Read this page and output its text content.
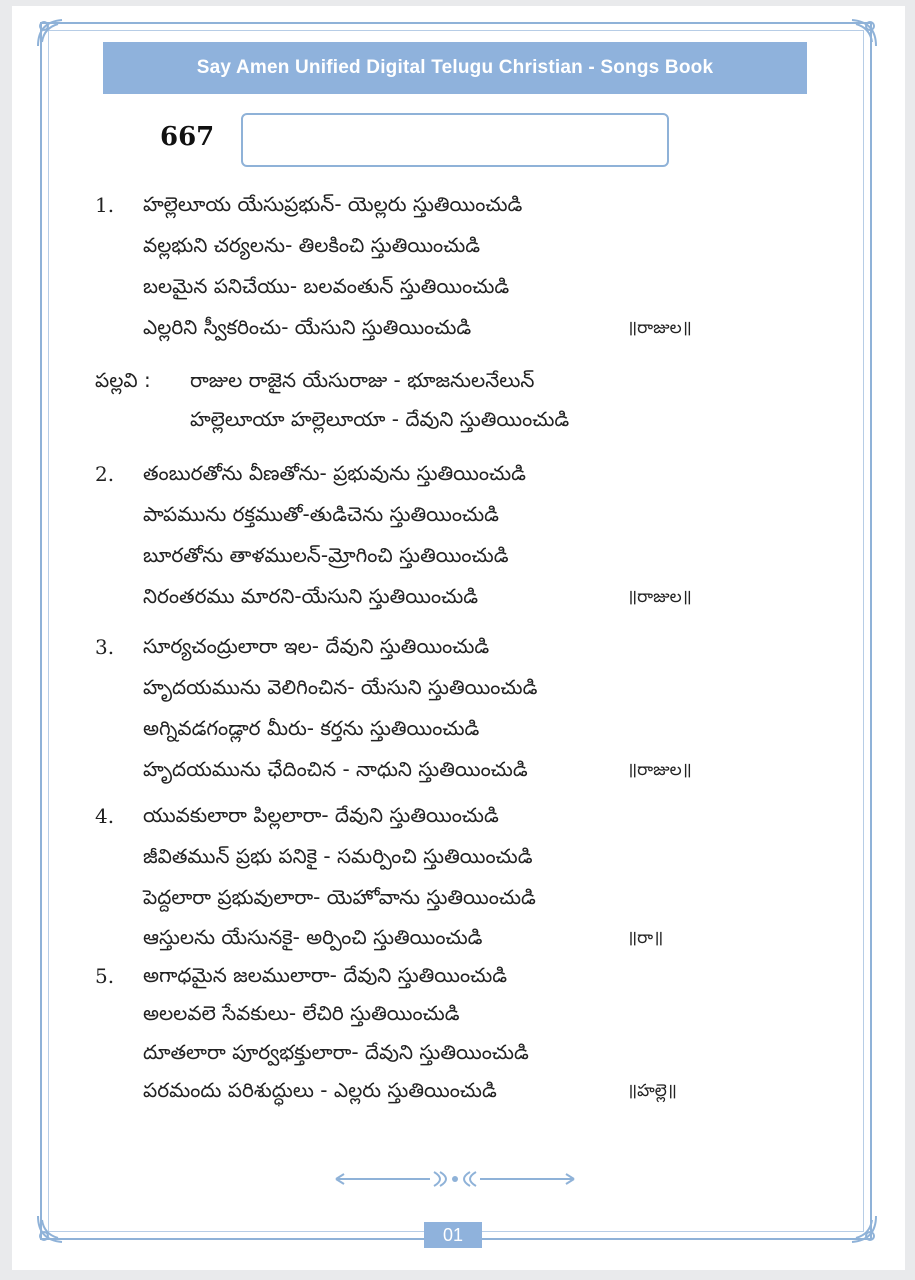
Say Amen Unified Digital Telugu Christian - Songs Book
667
1. హల్లెలూయ యేసుప్రభున్- యెల్లరు స్తుతియించుడి
వల్లభుని చర్యలను- తిలకించి స్తుతియించుడి
బలమైన పనిచేయు- బలవంతున్ స్తుతియించుడి
ఎల్లరిని స్వీకరించు- యేసుని స్తుతియించుడి	॥రాజుల॥
పల్లవి : రాజుల రాజైన యేసురాజు - భూజనులనేలున్
హల్లెలూయా హల్లెలూయా - దేవుని స్తుతియించుడి
2. తంబురతోను వీణతోను- ప్రభువును స్తుతియించుడి
పాపమును రక్తముతో-తుడిచెను స్తుతియించుడి
బూరతోను తాళములన్-మ్రోగించి స్తుతియించుడి
నిరంతరము మారని-యేసుని స్తుతియించుడి	॥రాజుల॥
3. సూర్యచంద్రులారా ఇల- దేవుని స్తుతియించుడి
హృదయమును వెలిగించిన- యేసుని స్తుతియించుడి
అగ్నివడగండ్లార మీరు- కర్తను స్తుతియించుడి
హృదయమును ఛేదించిన - నాధుని స్తుతియించుడి	॥రాజుల॥
4. యువకులారా పిల్లలారా- దేవుని స్తుతియించుడి
జీవితమున్ ప్రభు పనికై - సమర్పించి స్తుతియించుడి
పెద్దలారా ప్రభువులారా- యెహోవాను స్తుతియించుడి
ఆస్తులను యేసునకై- అర్పించి స్తుతియించుడి	॥రా॥
5. అగాధమైన జలములారా- దేవుని స్తుతియించుడి
అలలవలె సేవకులు- లేచిరి స్తుతియించుడి
దూతలారా పూర్వభక్తులారా- దేవుని స్తుతియించుడి
పరమందు పరిశుద్ధులు - ఎల్లరు స్తుతియించుడి	॥హల్లె॥
01
